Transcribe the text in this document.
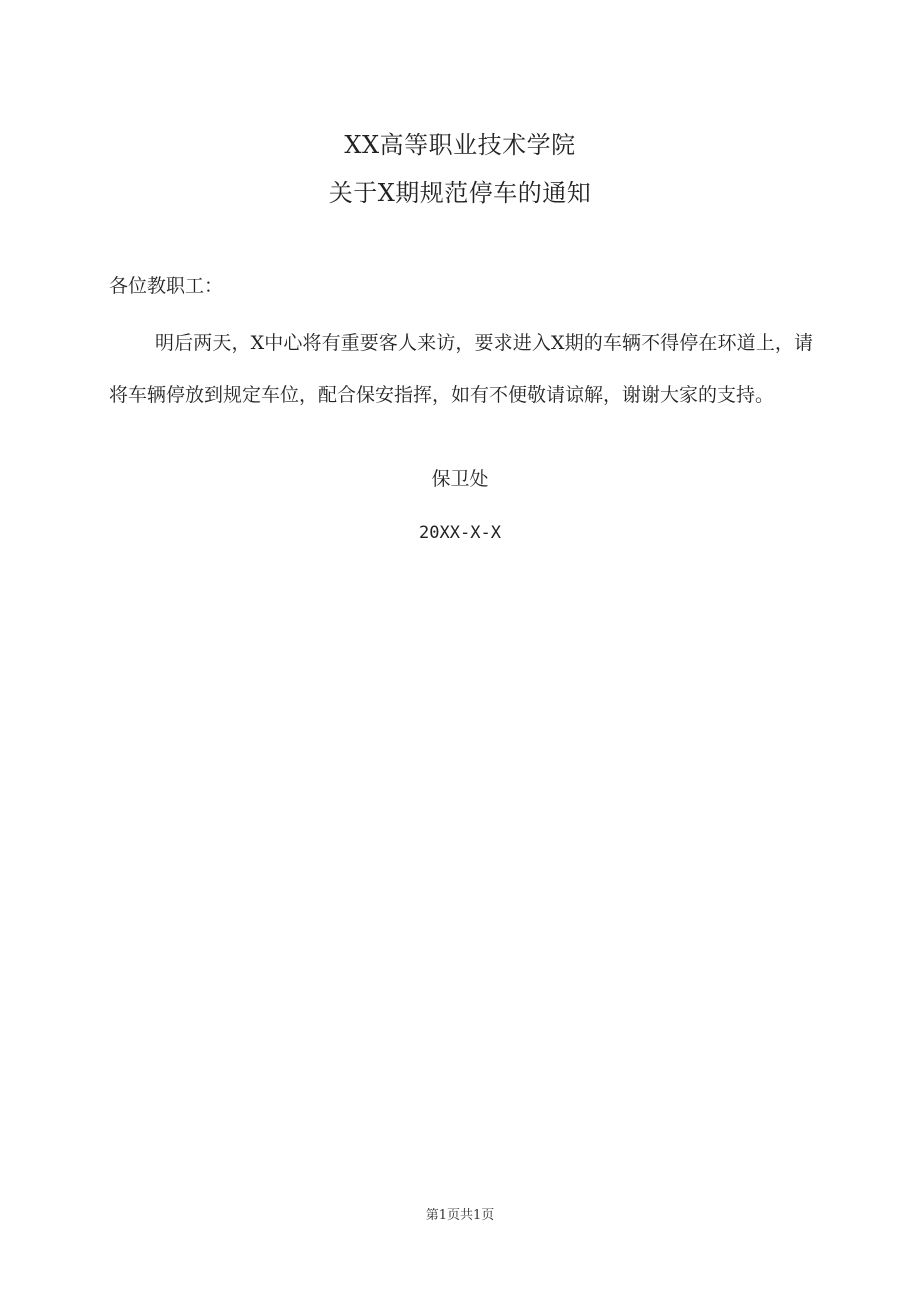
XX高等职业技术学院
关于X期规范停车的通知
各位教职工：
明后两天，X中心将有重要客人来访，要求进入X期的车辆不得停在环道上，请将车辆停放到规定车位，配合保安指挥，如有不便敬请谅解，谢谢大家的支持。
保卫处
20XX-X-X
第1页共1页
